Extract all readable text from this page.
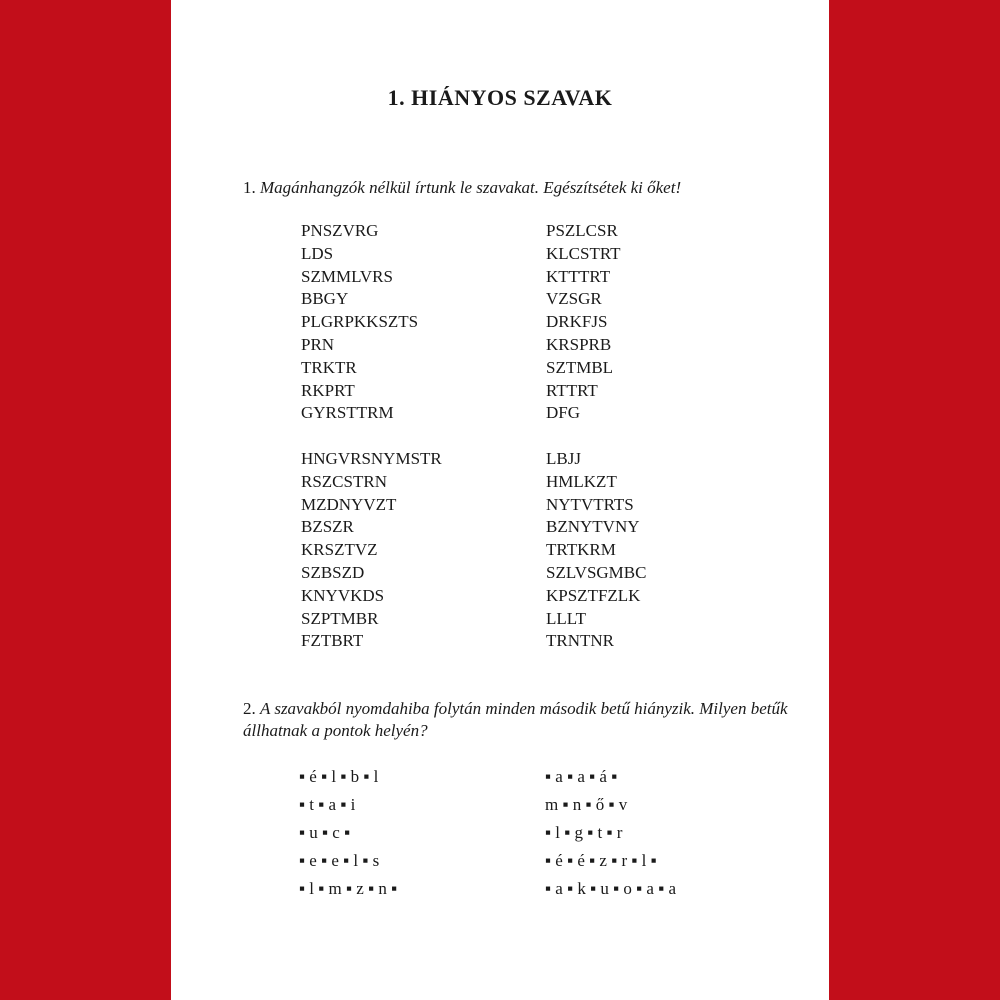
1. HIÁNYOS SZAVAK
1. Magánhangzók nélkül írtunk le szavakat. Egészítsétek ki őket!
PNSZVRG
LDS
SZMMLVRS
BBGY
PLGRPKKSZTS
PRN
TRKTR
RKPRT
GYRSTTRM
PSZLCSR
KLCSTRT
KTTTRT
VZSGR
DRKFJS
KRSPRB
SZTMBL
RTTRT
DFG
HNGVRSNYMSTR
RSZCSTRN
MZDNYVZT
BZSZR
KRSZTVZ
SZBSZD
KNYVKDS
SZPTMBR
FZTBRT
LBJJ
HMLKZT
NYTVTRTS
BZNYTVNY
TRTKRM
SZLVSGMBC
KPSZTFZLK
LLLT
TRNTNR
2. A szavakból nyomdahiba folytán minden második betű hiányzik. Milyen betűk állhatnak a pontok helyén?
▪ é ▪ l ▪ b ▪ l
▪ t ▪ a ▪ i
▪ u ▪ c ▪
▪ e ▪ e ▪ l ▪ s
▪ l ▪ m ▪ z ▪ n ▪
▪ a ▪ a ▪ á ▪
m ▪ n ▪ ő ▪ v
▪ l ▪ g ▪ t ▪ r
▪ é ▪ é ▪ z ▪ r ▪ l ▪
▪ a ▪ k ▪ u ▪ o ▪ a ▪ a
